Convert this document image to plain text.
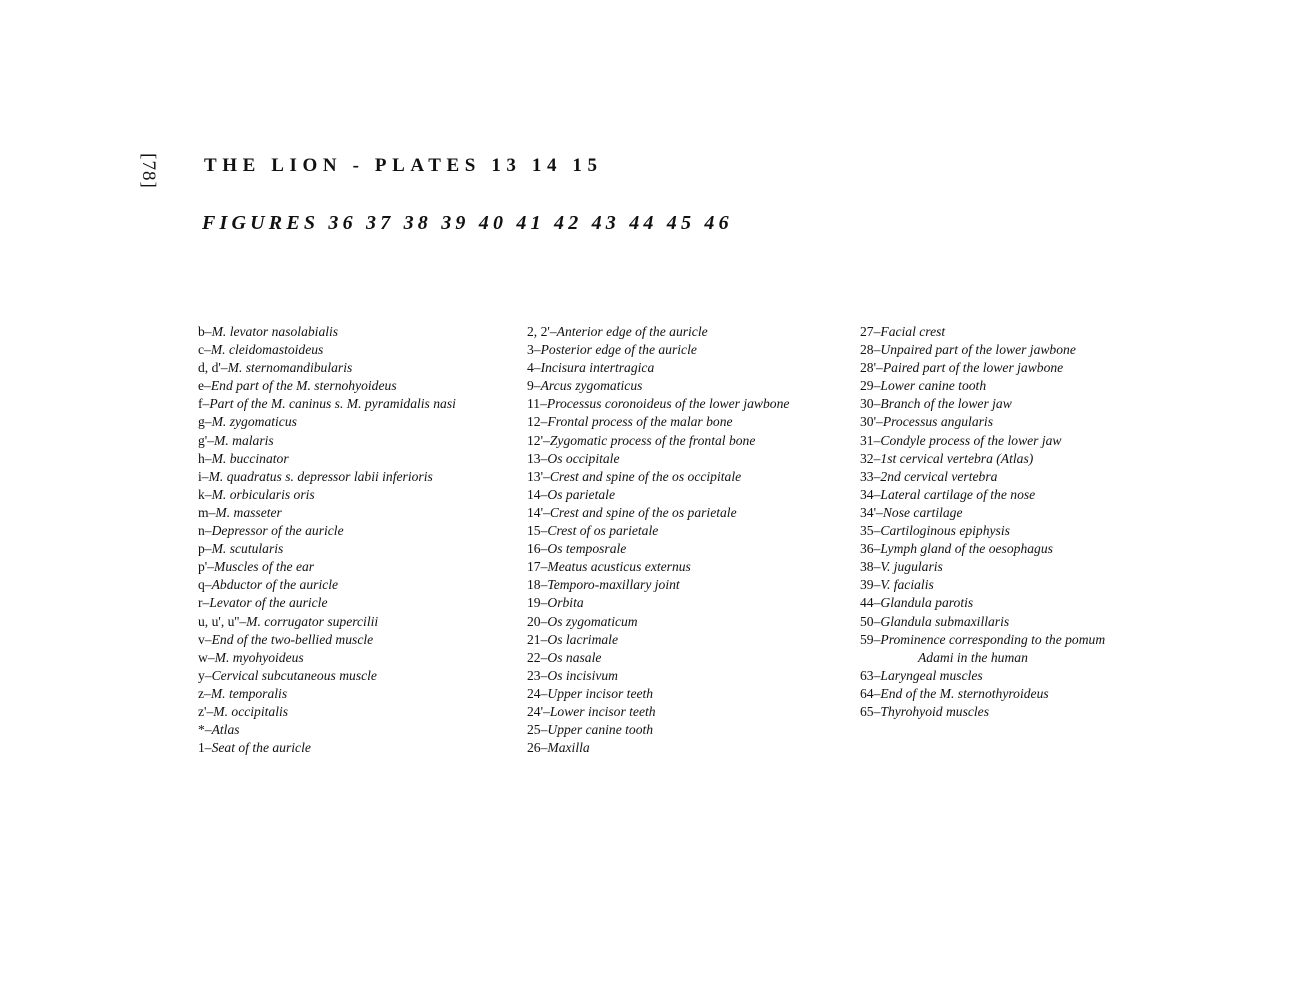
[78] THE LION - PLATES 13 14 15
FIGURES 36 37 38 39 40 41 42 43 44 45 46
b–M. levator nasolabialis
c–M. cleidomastoideus
d, d'–M. sternomandibularis
e–End part of the M. sternohyoideus
f–Part of the M. caninus s. M. pyramidalis nasi
g–M. zygomaticus
g'–M. malaris
h–M. buccinator
i–M. quadratus s. depressor labii inferioris
k–M. orbicularis oris
m–M. masseter
n–Depressor of the auricle
p–M. scutularis
p'–Muscles of the ear
q–Abductor of the auricle
r–Levator of the auricle
u, u', u''–M. corrugator supercilii
v–End of the two-bellied muscle
w–M. myohyoideus
y–Cervical subcutaneous muscle
z–M. temporalis
z'–M. occipitalis
*–Atlas
1–Seat of the auricle
2, 2'–Anterior edge of the auricle
3–Posterior edge of the auricle
4–Incisura intertragica
9–Arcus zygomaticus
11–Processus coronoideus of the lower jawbone
12–Frontal process of the malar bone
12'–Zygomatic process of the frontal bone
13–Os occipitale
13'–Crest and spine of the os occipitale
14–Os parietale
14'–Crest and spine of the os parietale
15–Crest of os parietale
16–Os temposrale
17–Meatus acusticus externus
18–Temporo-maxillary joint
19–Orbita
20–Os zygomaticum
21–Os lacrimale
22–Os nasale
23–Os incisivum
24–Upper incisor teeth
24'–Lower incisor teeth
25–Upper canine tooth
26–Maxilla
27–Facial crest
28–Unpaired part of the lower jawbone
28'–Paired part of the lower jawbone
29–Lower canine tooth
30–Branch of the lower jaw
30'–Processus angularis
31–Condyle process of the lower jaw
32–1st cervical vertebra (Atlas)
33–2nd cervical vertebra
34–Lateral cartilage of the nose
34'–Nose cartilage
35–Cartiloginous epiphysis
36–Lymph gland of the oesophagus
38–V. jugularis
39–V. facialis
44–Glandula parotis
50–Glandula submaxillaris
59–Prominence corresponding to the pomum
Adami in the human
63–Laryngeal muscles
64–End of the M. sternothyroideus
65–Thyrohyoid muscles
